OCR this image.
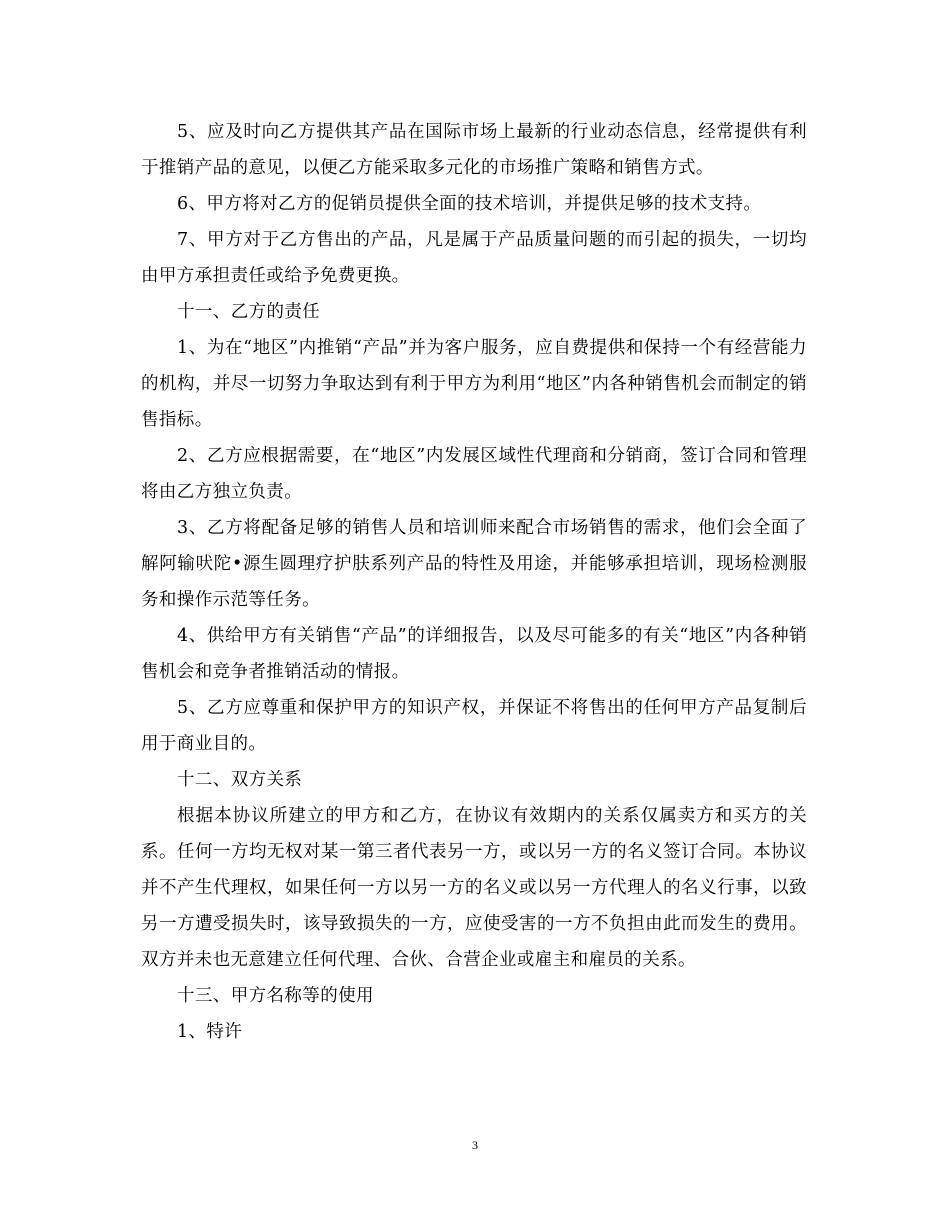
5、应及时向乙方提供其产品在国际市场上最新的行业动态信息，经常提供有利于推销产品的意见，以便乙方能采取多元化的市场推广策略和销售方式。

6、甲方将对乙方的促销员提供全面的技术培训，并提供足够的技术支持。

7、甲方对于乙方售出的产品，凡是属于产品质量问题的而引起的损失，一切均由甲方承担责任或给予免费更换。

十一、乙方的责任

1、为在“地区”内推销“产品”并为客户服务，应自费提供和保持一个有经营能力的机构，并尽一切努力争取达到有利于甲方为利用“地区”内各种销售机会而制定的销售指标。

2、乙方应根据需要，在“地区”内发展区域性代理商和分销商，签订合同和管理将由乙方独立负责。

3、乙方将配备足够的销售人员和培训师来配合市场销售的需求，他们会全面了解阿输吠陀•源生圆理疗护肤系列产品的特性及用途，并能够承担培训，现场检测服务和操作示范等任务。

4、供给甲方有关销售“产品”的详细报告，以及尽可能多的有关“地区”内各种销售机会和竞争者推销活动的情报。

5、乙方应尊重和保护甲方的知识产权，并保证不将售出的任何甲方产品复制后用于商业目的。

十二、双方关系

根据本协议所建立的甲方和乙方，在协议有效期内的关系仅属卖方和买方的关系。任何一方均无权对某一第三者代表另一方，或以另一方的名义签订合同。本协议并不产生代理权，如果任何一方以另一方的名义或以另一方代理人的名义行事，以致另一方遭受损失时，该导致损失的一方，应使受害的一方不负担由此而发生的费用。双方并未也无意建立任何代理、合伙、合营企业或雇主和雇员的关系。

十三、甲方名称等的使用

1、特许

3
